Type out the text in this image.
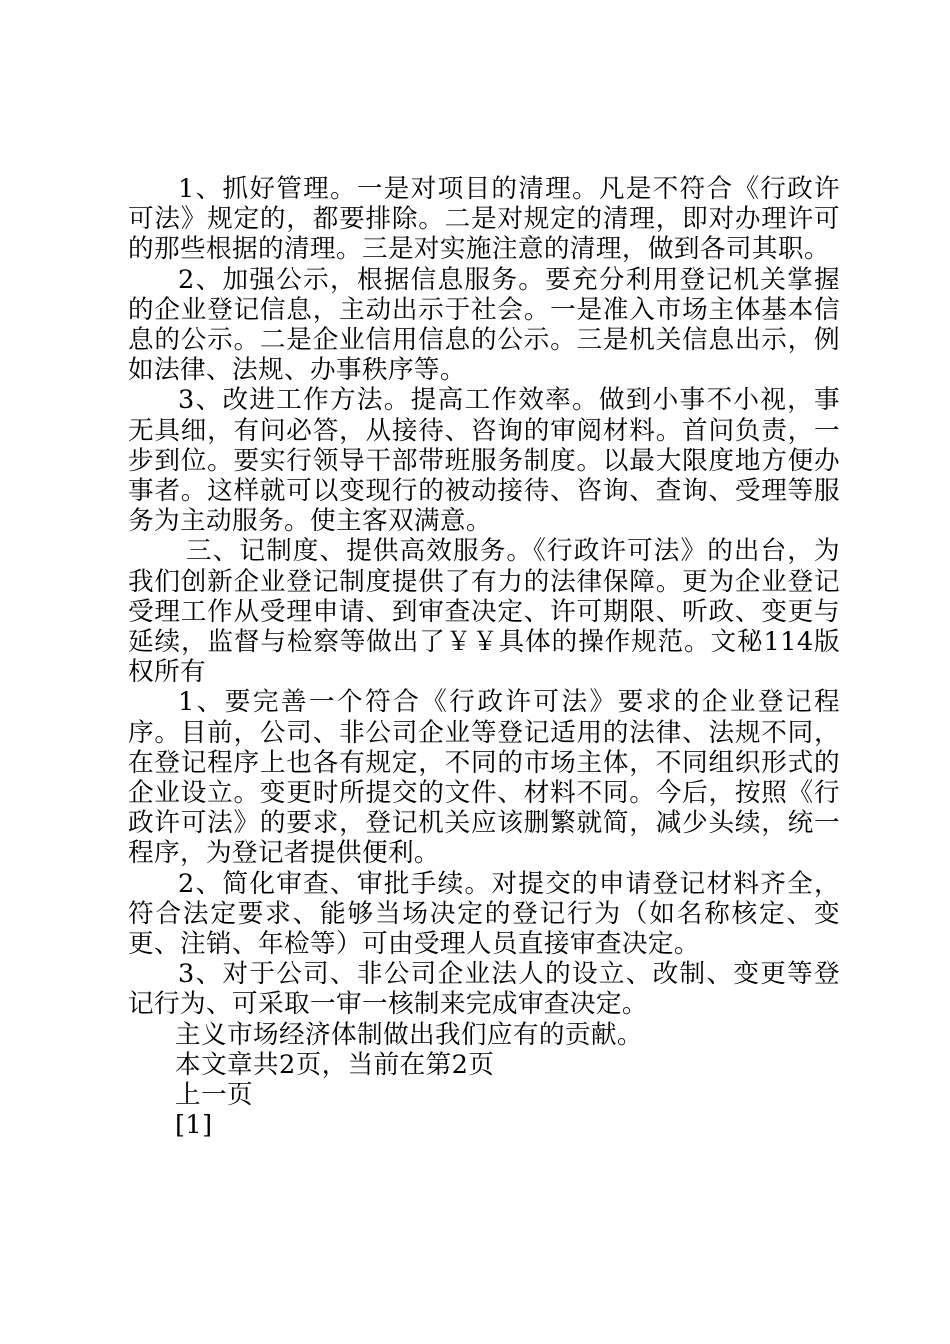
1、抓好管理。一是对项目的清理。凡是不符合《行政许可法》规定的，都要排除。二是对规定的清理，即对办理许可的那些根据的清理。三是对实施注意的清理，做到各司其职。

2、加强公示，根据信息服务。要充分利用登记机关掌握的企业登记信息，主动出示于社会。一是准入市场主体基本信息的公示。二是企业信用信息的公示。三是机关信息出示，例如法律、法规、办事秩序等。

3、改进工作方法。提高工作效率。做到小事不小视，事无具细，有问必答，从接待、咨询的审阅材料。首问负责，一步到位。要实行领导干部带班服务制度。以最大限度地方便办事者。这样就可以变现行的被动接待、咨询、查询、受理等服务为主动服务。使主客双满意。

三、记制度、提供高效服务。《行政许可法》的出台，为我们创新企业登记制度提供了有力的法律保障。更为企业登记受理工作从受理申请、到审查决定、许可期限、听政、变更与延续，监督与检察等做出了￥￥具体的操作规范。文秘114版权所有

1、要完善一个符合《行政许可法》要求的企业登记程序。目前，公司、非公司企业等登记适用的法律、法规不同，在登记程序上也各有规定，不同的市场主体，不同组织形式的企业设立。变更时所提交的文件、材料不同。今后，按照《行政许可法》的要求，登记机关应该删繁就简，减少头续，统一程序，为登记者提供便利。

2、简化审查、审批手续。对提交的申请登记材料齐全，符合法定要求、能够当场决定的登记行为（如名称核定、变更、注销、年检等）可由受理人员直接审查决定。

3、对于公司、非公司企业法人的设立、改制、变更等登记行为、可采取一审一核制来完成审查决定。

主义市场经济体制做出我们应有的贡献。

本文章共2页，当前在第2页

上一页

[1]
